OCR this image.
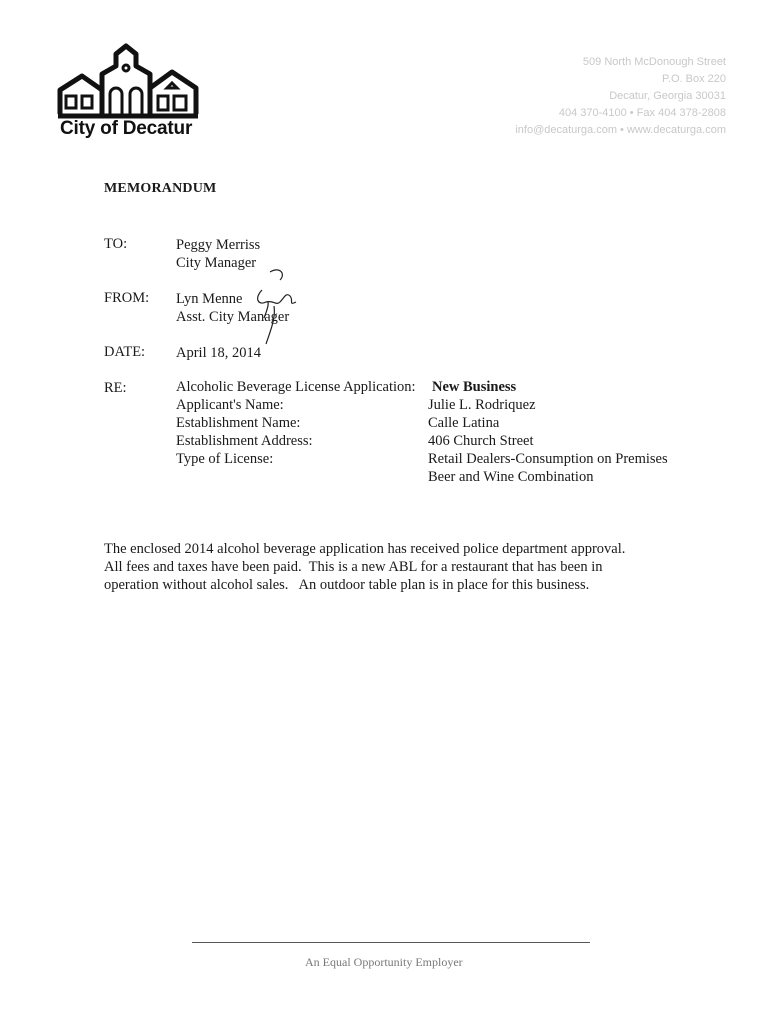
City of Decatur
509 North McDonough Street
P.O. Box 220
Decatur, Georgia 30031
404 370-4100 • Fax 404 378-2808
info@decaturga.com • www.decaturga.com
MEMORANDUM
TO:	Peggy Merriss
City Manager
FROM: Lyn Menne
Asst. City Manager
DATE: April 18, 2014
RE:	Alcoholic Beverage License Application:
Applicant's Name:
Establishment Name:
Establishment Address:
Type of License:
New Business
Julie L. Rodriquez
Calle Latina
406 Church Street
Retail Dealers-Consumption on Premises
Beer and Wine Combination
The enclosed 2014 alcohol beverage application has received police department approval.
All fees and taxes have been paid.  This is a new ABL for a restaurant that has been in
operation without alcohol sales.   An outdoor table plan is in place for this business.
An Equal Opportunity Employer
